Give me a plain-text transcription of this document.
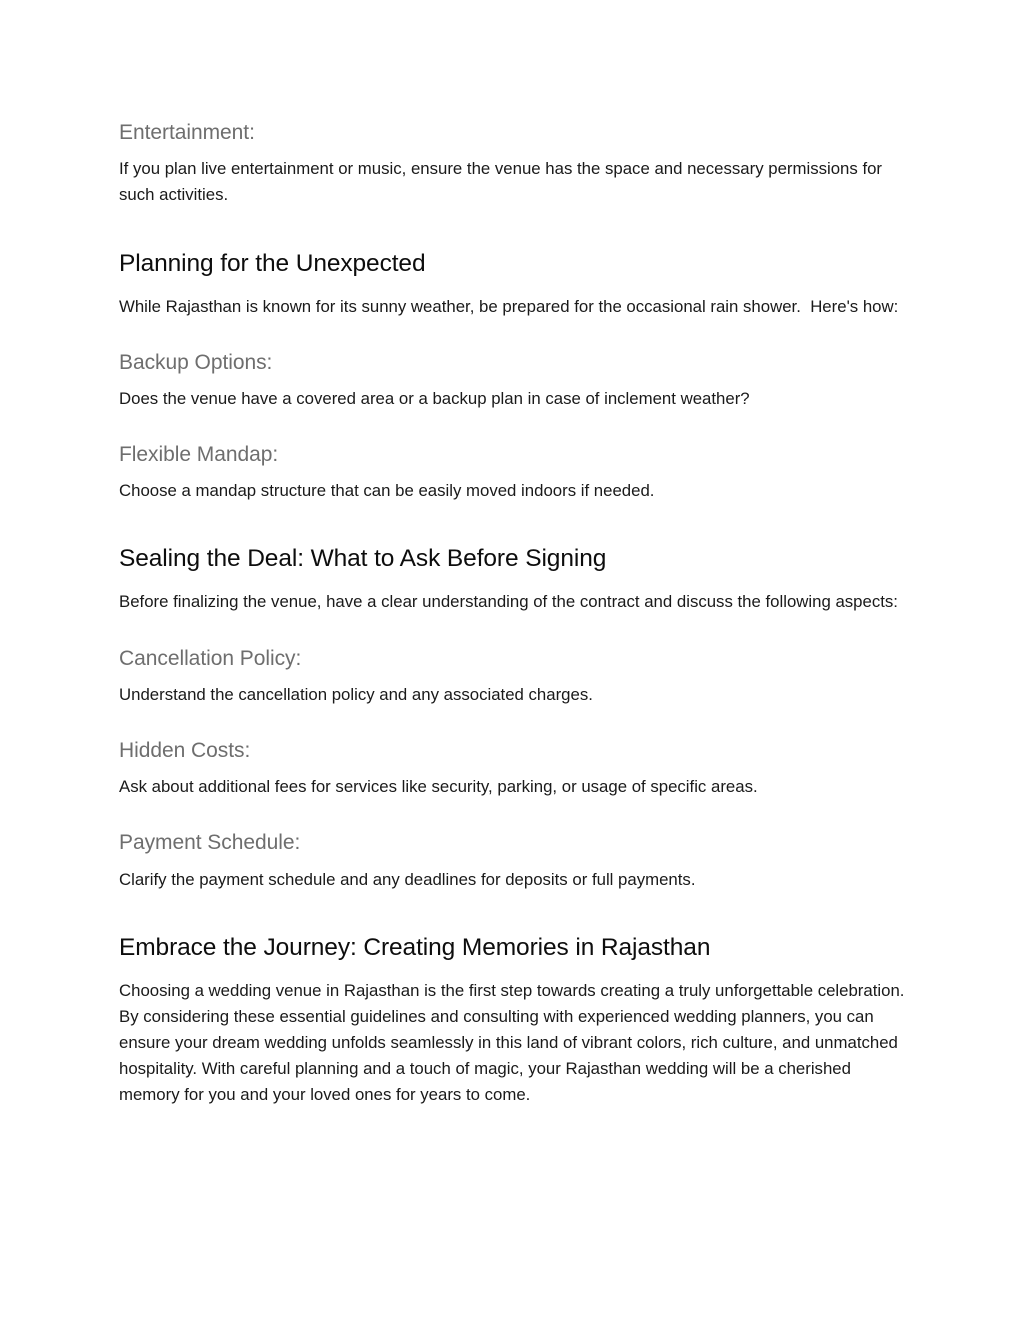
Entertainment:

If you plan live entertainment or music, ensure the venue has the space and necessary permissions for such activities.

Planning for the Unexpected

While Rajasthan is known for its sunny weather, be prepared for the occasional rain shower.  Here's how:

Backup Options:

Does the venue have a covered area or a backup plan in case of inclement weather?

Flexible Mandap:

Choose a mandap structure that can be easily moved indoors if needed.

Sealing the Deal: What to Ask Before Signing

Before finalizing the venue, have a clear understanding of the contract and discuss the following aspects:

Cancellation Policy:

Understand the cancellation policy and any associated charges.

Hidden Costs:

Ask about additional fees for services like security, parking, or usage of specific areas.

Payment Schedule:

Clarify the payment schedule and any deadlines for deposits or full payments.

Embrace the Journey: Creating Memories in Rajasthan

Choosing a wedding venue in Rajasthan is the first step towards creating a truly unforgettable celebration. By considering these essential guidelines and consulting with experienced wedding planners, you can ensure your dream wedding unfolds seamlessly in this land of vibrant colors, rich culture, and unmatched hospitality. With careful planning and a touch of magic, your Rajasthan wedding will be a cherished memory for you and your loved ones for years to come.
